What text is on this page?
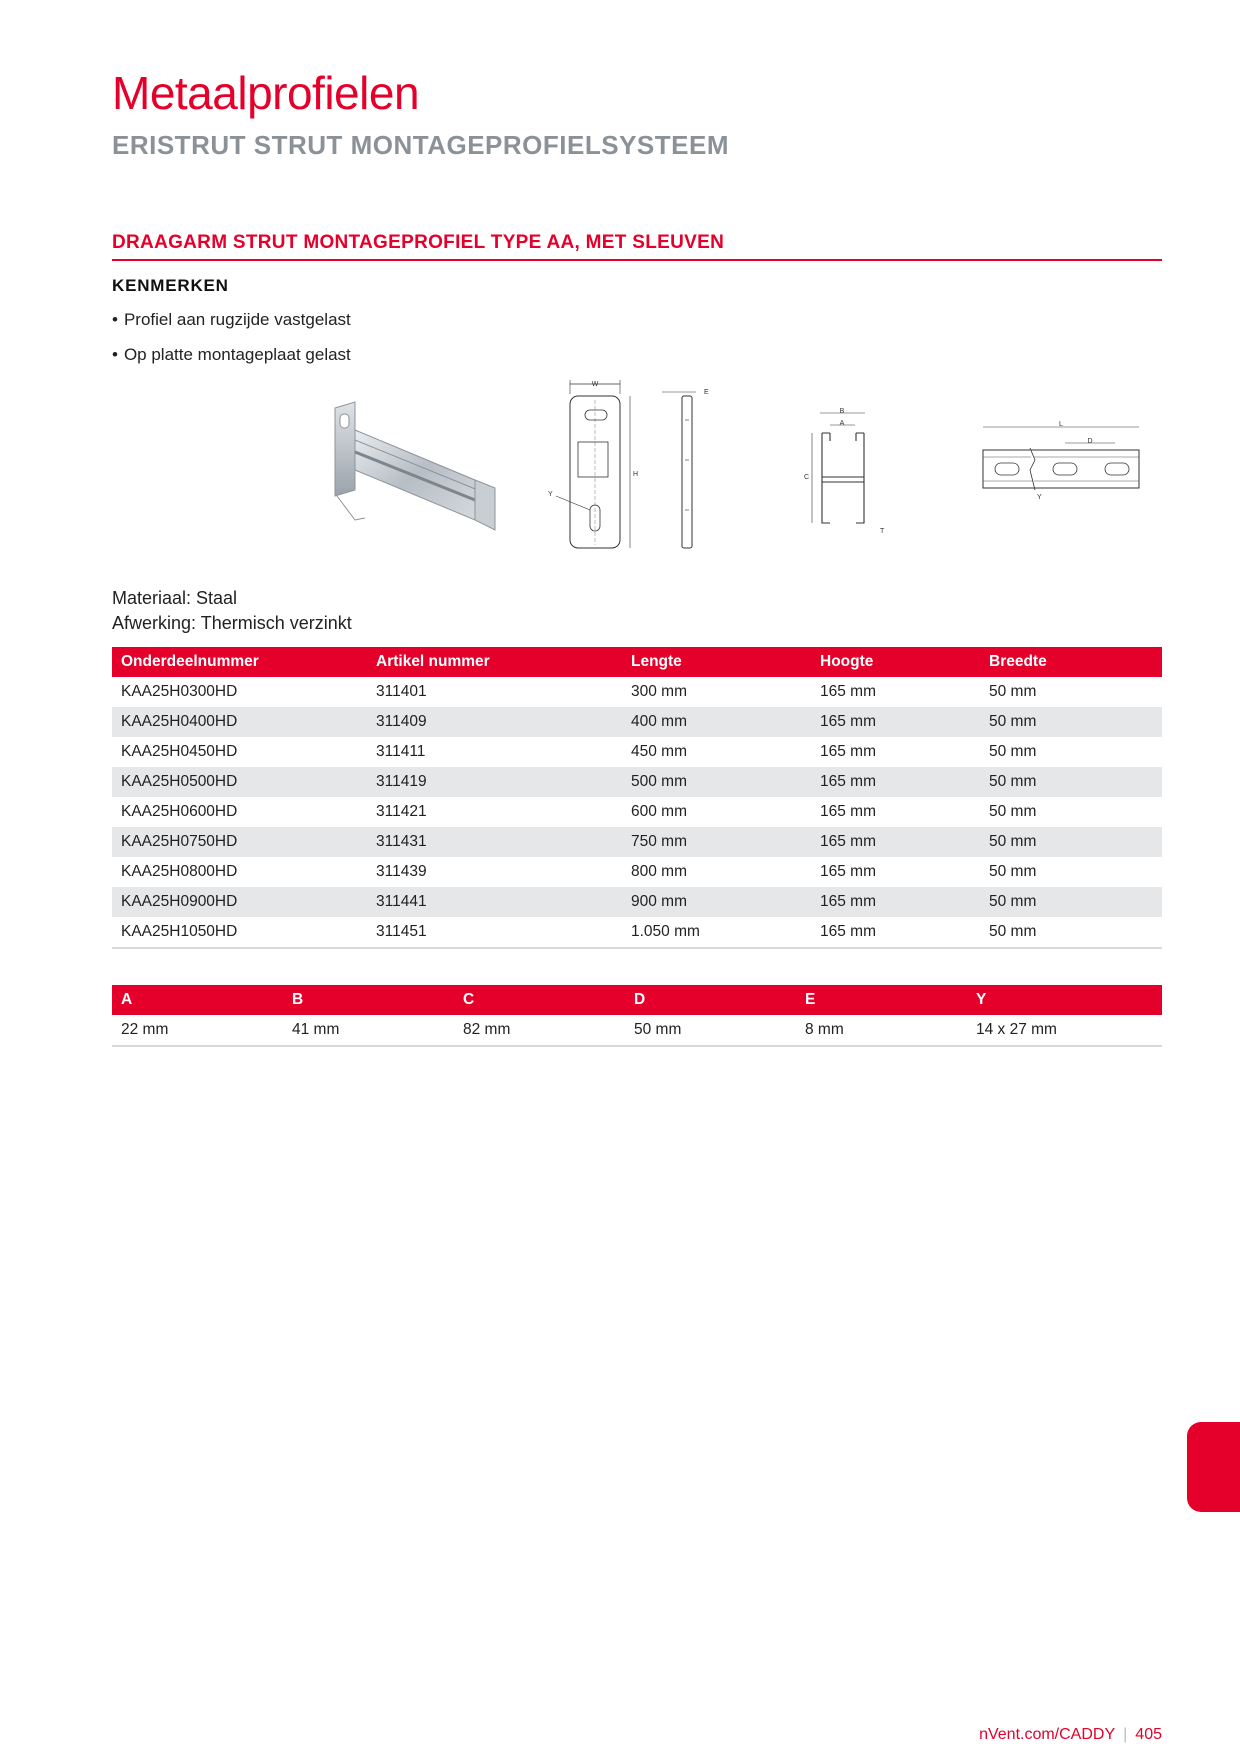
Metaalprofielen
ERISTRUT STRUT MONTAGEPROFIELSYSTEEM
DRAAGARM STRUT MONTAGEPROFIEL TYPE AA, MET SLEUVEN
KENMERKEN
• Profiel aan rugzijde vastgelast
• Op platte montageplaat gelast
W
H
Y
E
B
A
C
T
L
D
Y
Materiaal: Staal
Afwerking: Thermisch verzinkt
Onderdeelnummer	Artikel nummer	Lengte	Hoogte	Breedte
KAA25H0300HD	311401	300 mm	165 mm	50 mm
KAA25H0400HD	311409	400 mm	165 mm	50 mm
KAA25H0450HD	311411	450 mm	165 mm	50 mm
KAA25H0500HD	311419	500 mm	165 mm	50 mm
KAA25H0600HD	311421	600 mm	165 mm	50 mm
KAA25H0750HD	311431	750 mm	165 mm	50 mm
KAA25H0800HD	311439	800 mm	165 mm	50 mm
KAA25H0900HD	311441	900 mm	165 mm	50 mm
KAA25H1050HD	311451	1.050 mm	165 mm	50 mm
A	B	C	D	E	Y
22 mm	41 mm	82 mm	50 mm	8 mm	14 x 27 mm
nVent.com/CADDY | 405
